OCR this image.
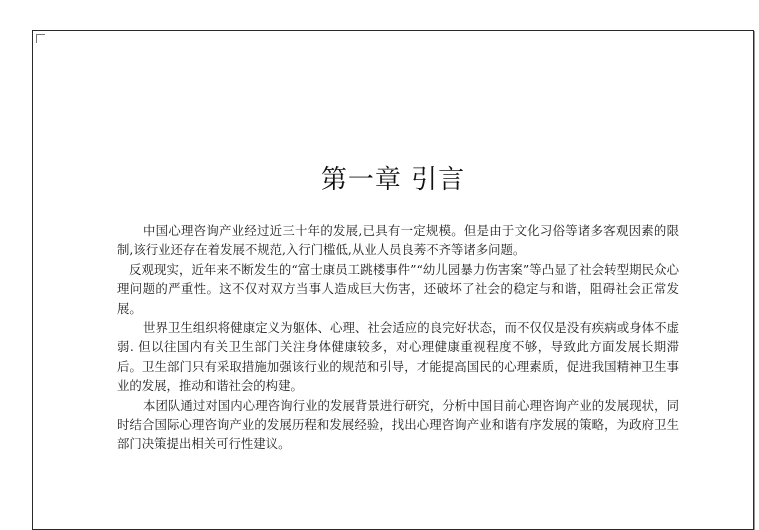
第一章 引言

中国心理咨询产业经过近三十年的发展,已具有一定规模。但是由于文化习俗等诸多客观因素的限制,该行业还存在着发展不规范,入行门槛低,从业人员良莠不齐等诸多问题。

反观现实，近年来不断发生的“富士康员工跳楼事件”“幼儿园暴力伤害案”等凸显了社会转型期民众心理问题的严重性。这不仅对双方当事人造成巨大伤害，还破坏了社会的稳定与和谐，阻碍社会正常发展。

世界卫生组织将健康定义为躯体、心理、社会适应的良完好状态，而不仅仅是没有疾病或身体不虚弱. 但以往国内有关卫生部门关注身体健康较多，对心理健康重视程度不够，导致此方面发展长期滞后。卫生部门只有采取措施加强该行业的规范和引导，才能提高国民的心理素质，促进我国精神卫生事业的发展，推动和谐社会的构建。

本团队通过对国内心理咨询行业的发展背景进行研究，分析中国目前心理咨询产业的发展现状，同时结合国际心理咨询产业的发展历程和发展经验，找出心理咨询产业和谐有序发展的策略，为政府卫生部门决策提出相关可行性建议。
